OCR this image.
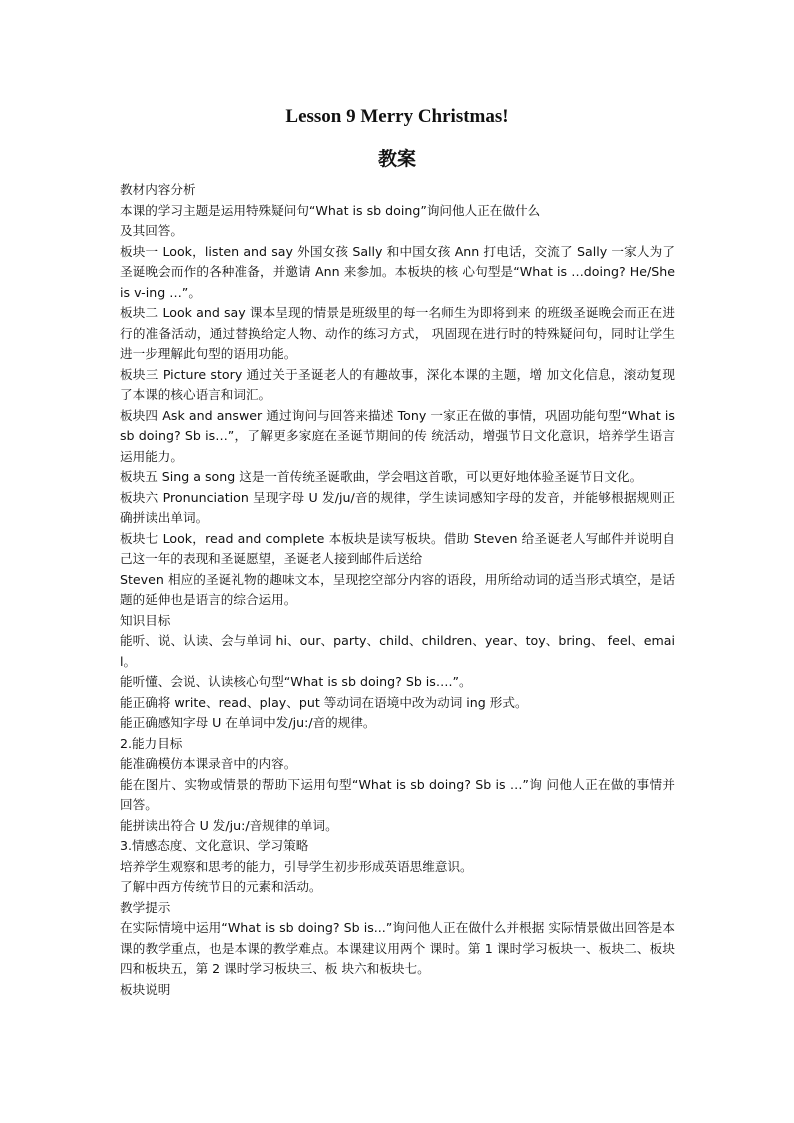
Lesson 9 Merry Christmas!
教案

教材内容分析

本课的学习主题是运用特殊疑问句“What is sb doing”询问他人正在做什么

及其回答。

板块一 Look，listen and say 外国女孩 Sally 和中国女孩 Ann 打电话，交流了 Sally 一家人为了圣诞晚会而作的各种准备，并邀请 Ann 来参加。本板块的核 心句型是“What is …doing? He/She is v-ing …”。

板块二 Look and say 课本呈现的情景是班级里的每一名师生为即将到来 的班级圣诞晚会而正在进行的准备活动，通过替换给定人物、动作的练习方式， 巩固现在进行时的特殊疑问句，同时让学生进一步理解此句型的语用功能。

板块三 Picture story 通过关于圣诞老人的有趣故事，深化本课的主题，增 加文化信息，滚动复现了本课的核心语言和词汇。

板块四 Ask and answer 通过询问与回答来描述 Tony 一家正在做的事情，巩固功能句型“What is sb doing? Sb is…”，了解更多家庭在圣诞节期间的传 统活动，增强节日文化意识，培养学生语言运用能力。

板块五 Sing a song 这是一首传统圣诞歌曲，学会唱这首歌，可以更好地体验圣诞节日文化。

板块六 Pronunciation 呈现字母 U 发/ju/音的规律，学生读词感知字母的发音，并能够根据规则正确拼读出单词。

板块七 Look，read and complete 本板块是读写板块。借助 Steven 给圣诞老人写邮件并说明自己这一年的表现和圣诞愿望，圣诞老人接到邮件后送给

Steven 相应的圣诞礼物的趣味文本，呈现挖空部分内容的语段，用所给动词的适当形式填空，是话题的延伸也是语言的综合运用。

知识目标

能听、说、认读、会与单词 hi、our、party、child、children、year、toy、bring、 feel、email。

能听懂、会说、认读核心句型“What is sb doing? Sb is….”。

能正确将 write、read、play、put 等动词在语境中改为动词 ing 形式。

能正确感知字母 U 在单词中发/ju:/音的规律。

2.能力目标

能准确模仿本课录音中的内容。

能在图片、实物或情景的帮助下运用句型“What is sb doing? Sb is …”询 问他人正在做的事情并回答。

能拼读出符合 U 发/ju:/音规律的单词。

3.情感态度、文化意识、学习策略

培养学生观察和思考的能力，引导学生初步形成英语思维意识。

了解中西方传统节日的元素和活动。

教学提示

在实际情境中运用“What is sb doing? Sb is...”询问他人正在做什么并根据 实际情景做出回答是本课的教学重点，也是本课的教学难点。本课建议用两个 课时。第 1 课时学习板块一、板块二、板块四和板块五，第 2 课时学习板块三、板 块六和板块七。

板块说明
